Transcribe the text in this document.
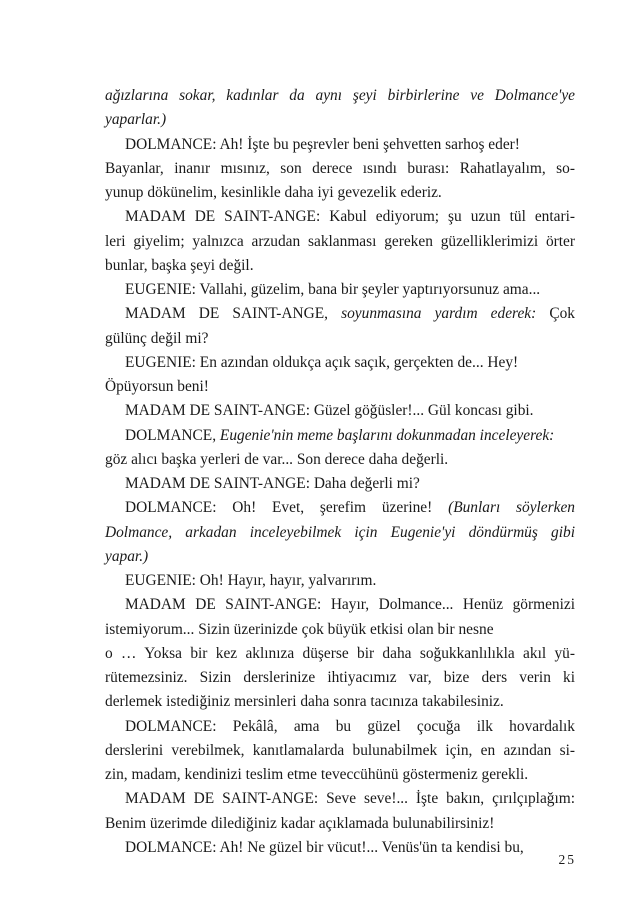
ağızlarına sokar, kadınlar da aynı şeyi birbirlerine ve Dolmance'ye
yaparlar.)
DOLMANCE: Ah! İşte bu peşrevler beni şehvetten sarhoş eder!
Bayanlar, inanır mısınız, son derece ısındı burası: Rahatlayalım, so-
yunup dökünelim, kesinlikle daha iyi gevezelik ederiz.
MADAM DE SAINT-ANGE: Kabul ediyorum; şu uzun tül entari-
leri giyelim; yalnızca arzudan saklanması gereken güzelliklerimizi örter
bunlar, başka şeyi değil.
EUGENIE: Vallahi, güzelim, bana bir şeyler yaptırıyorsunuz ama...
MADAM DE SAINT-ANGE, soyunmasına yardım ederek: Çok
gülünç değil mi?
EUGENIE: En azından oldukça açık saçık, gerçekten de... Hey!
Öpüyorsun beni!
MADAM DE SAINT-ANGE: Güzel göğüsler!... Gül koncası gibi.
DOLMANCE, Eugenie'nin meme başlarını dokunmadan inceleyerek:
göz alıcı başka yerleri de var... Son derece daha değerli.
MADAM DE SAINT-ANGE: Daha değerli mi?
DOLMANCE: Oh! Evet, şerefim üzerine! (Bunları söylerken
Dolmance, arkadan inceleyebilmek için Eugenie'yi döndürmüş gibi
yapar.)
EUGENIE: Oh! Hayır, hayır, yalvarırım.
MADAM DE SAINT-ANGE: Hayır, Dolmance... Henüz görmenizi
istemiyorum... Sizin üzerinizde çok büyük etkisi olan bir nesne
o … Yoksa bir kez aklınıza düşerse bir daha soğukkanlılıkla akıl yü-
rütemezsiniz. Sizin derslerinize ihtiyacımız var, bize ders verin ki
derlemek istediğiniz mersinleri daha sonra tacınıza takabilesiniz.
DOLMANCE: Pekâlâ, ama bu güzel çocuğa ilk hovardalık
derslerini verebilmek, kanıtlamalarda bulunabilmek için, en azından si-
zin, madam, kendinizi teslim etme teveccühünü göstermeniz gerekli.
MADAM DE SAINT-ANGE: Seve seve!... İşte bakın, çırılçıplağım:
Benim üzerimde dilediğiniz kadar açıklamada bulunabilirsiniz!
DOLMANCE: Ah! Ne güzel bir vücut!... Venüs'ün ta kendisi bu,
25
